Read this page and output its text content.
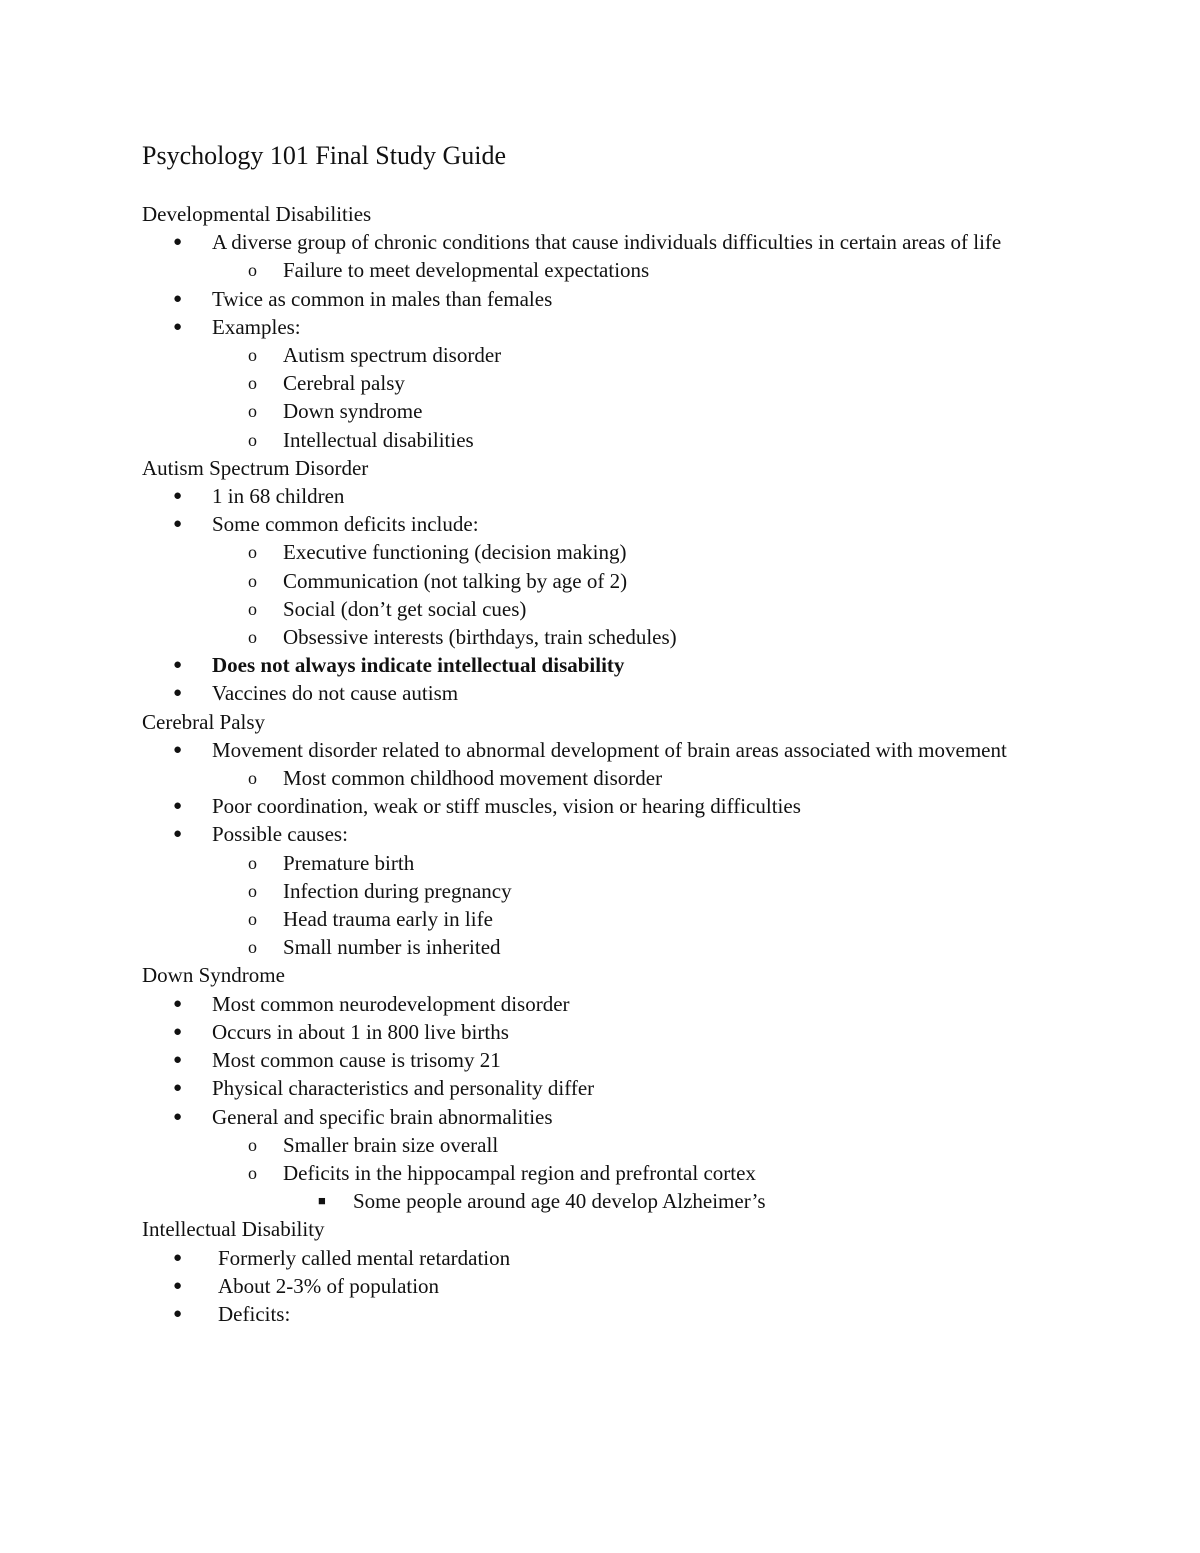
Psychology 101 Final Study Guide
Developmental Disabilities
● A diverse group of chronic conditions that cause individuals difficulties in certain areas of life
o Failure to meet developmental expectations
● Twice as common in males than females
● Examples:
o Autism spectrum disorder
o Cerebral palsy
o Down syndrome
o Intellectual disabilities
Autism Spectrum Disorder
● 1 in 68 children
● Some common deficits include:
o Executive functioning (decision making)
o Communication (not talking by age of 2)
o Social (don’t get social cues)
o Obsessive interests (birthdays, train schedules)
● Does not always indicate intellectual disability
● Vaccines do not cause autism
Cerebral Palsy
● Movement disorder related to abnormal development of brain areas associated with movement
o Most common childhood movement disorder
● Poor coordination, weak or stiff muscles, vision or hearing difficulties
● Possible causes:
o Premature birth
o Infection during pregnancy
o Head trauma early in life
o Small number is inherited
Down Syndrome
● Most common neurodevelopment disorder
● Occurs in about 1 in 800 live births
● Most common cause is trisomy 21
● Physical characteristics and personality differ
● General and specific brain abnormalities
o Smaller brain size overall
o Deficits in the hippocampal region and prefrontal cortex
■ Some people around age 40 develop Alzheimer’s
Intellectual Disability
● Formerly called mental retardation
● About 2-3% of population
● Deficits:
